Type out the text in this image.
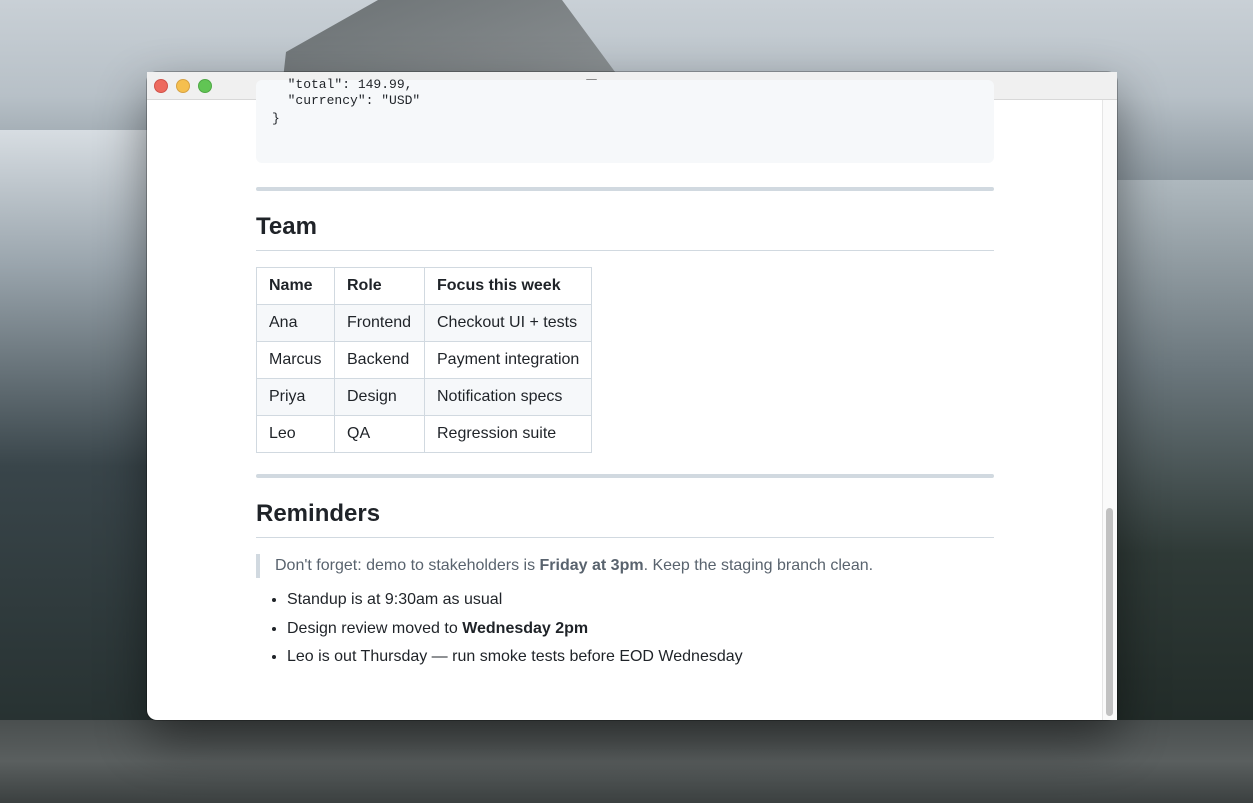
"total": 149.99,
"currency": "USD"
}
Team
Name	Role	Focus this week
Ana	Frontend	Checkout UI + tests
Marcus	Backend	Payment integration
Priya	Design	Notification specs
Leo	QA	Regression suite
Reminders
Don't forget: demo to stakeholders is Friday at 3pm. Keep the staging branch clean.
• Standup is at 9:30am as usual
• Design review moved to Wednesday 2pm
• Leo is out Thursday — run smoke tests before EOD Wednesday
